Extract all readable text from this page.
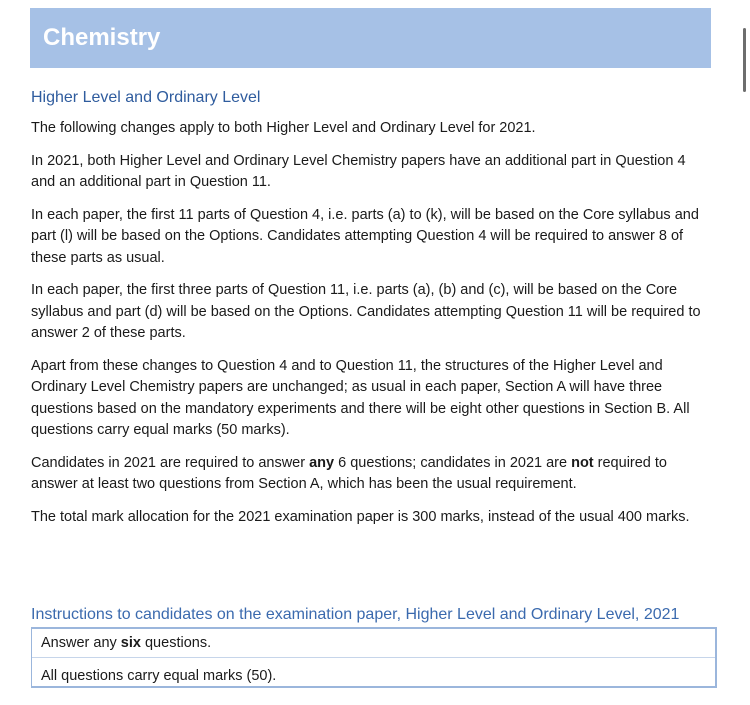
Chemistry
Higher Level and Ordinary Level

The following changes apply to both Higher Level and Ordinary Level for 2021.

In 2021, both Higher Level and Ordinary Level Chemistry papers have an additional part in Question 4 and an additional part in Question 11.

In each paper, the first 11 parts of Question 4, i.e. parts (a) to (k), will be based on the Core syllabus and part (l) will be based on the Options. Candidates attempting Question 4 will be required to answer 8 of these parts as usual.

In each paper, the first three parts of Question 11, i.e. parts (a), (b) and (c), will be based on the Core syllabus and part (d) will be based on the Options. Candidates attempting Question 11 will be required to answer 2 of these parts.

Apart from these changes to Question 4 and to Question 11, the structures of the Higher Level and Ordinary Level Chemistry papers are unchanged; as usual in each paper, Section A will have three questions based on the mandatory experiments and there will be eight other questions in Section B. All questions carry equal marks (50 marks).

Candidates in 2021 are required to answer any 6 questions; candidates in 2021 are not required to answer at least two questions from Section A, which has been the usual requirement.

The total mark allocation for the 2021 examination paper is 300 marks, instead of the usual 400 marks.

Instructions to candidates on the examination paper, Higher Level and Ordinary Level, 2021
Answer any six questions.
All questions carry equal marks (50).
